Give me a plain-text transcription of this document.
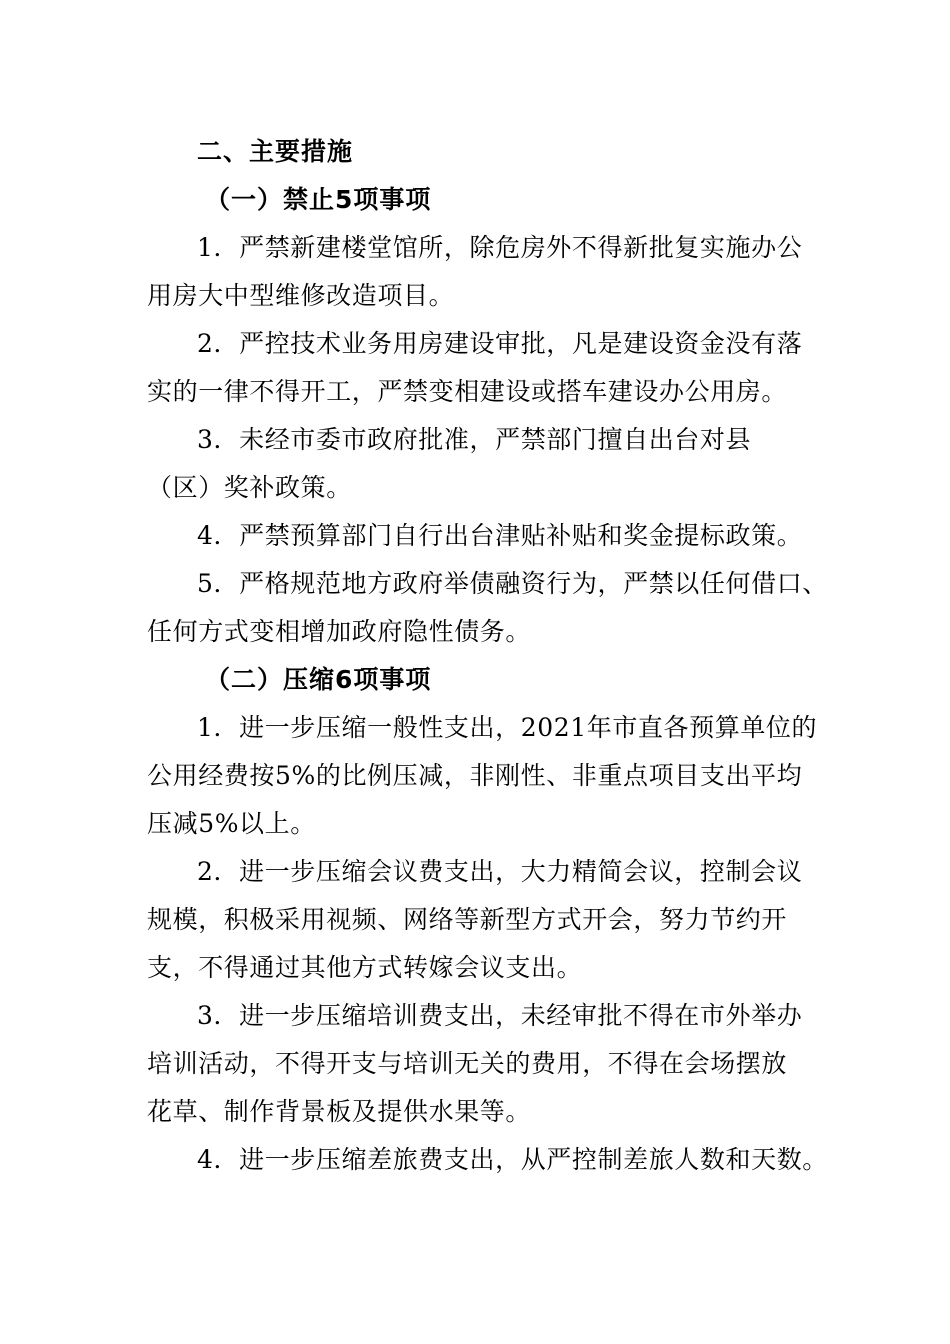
二、主要措施
（一）禁止5项事项
1．严禁新建楼堂馆所，除危房外不得新批复实施办公
用房大中型维修改造项目。
2．严控技术业务用房建设审批，凡是建设资金没有落
实的一律不得开工，严禁变相建设或搭车建设办公用房。
3．未经市委市政府批准，严禁部门擅自出台对县
（区）奖补政策。
4．严禁预算部门自行出台津贴补贴和奖金提标政策。
5．严格规范地方政府举债融资行为，严禁以任何借口、
任何方式变相增加政府隐性债务。
（二）压缩6项事项
1．进一步压缩一般性支出，2021年市直各预算单位的
公用经费按5%的比例压减，非刚性、非重点项目支出平均
压减5%以上。
2．进一步压缩会议费支出，大力精简会议，控制会议
规模，积极采用视频、网络等新型方式开会，努力节约开
支，不得通过其他方式转嫁会议支出。
3．进一步压缩培训费支出，未经审批不得在市外举办
培训活动，不得开支与培训无关的费用，不得在会场摆放
花草、制作背景板及提供水果等。
4．进一步压缩差旅费支出，从严控制差旅人数和天数。
